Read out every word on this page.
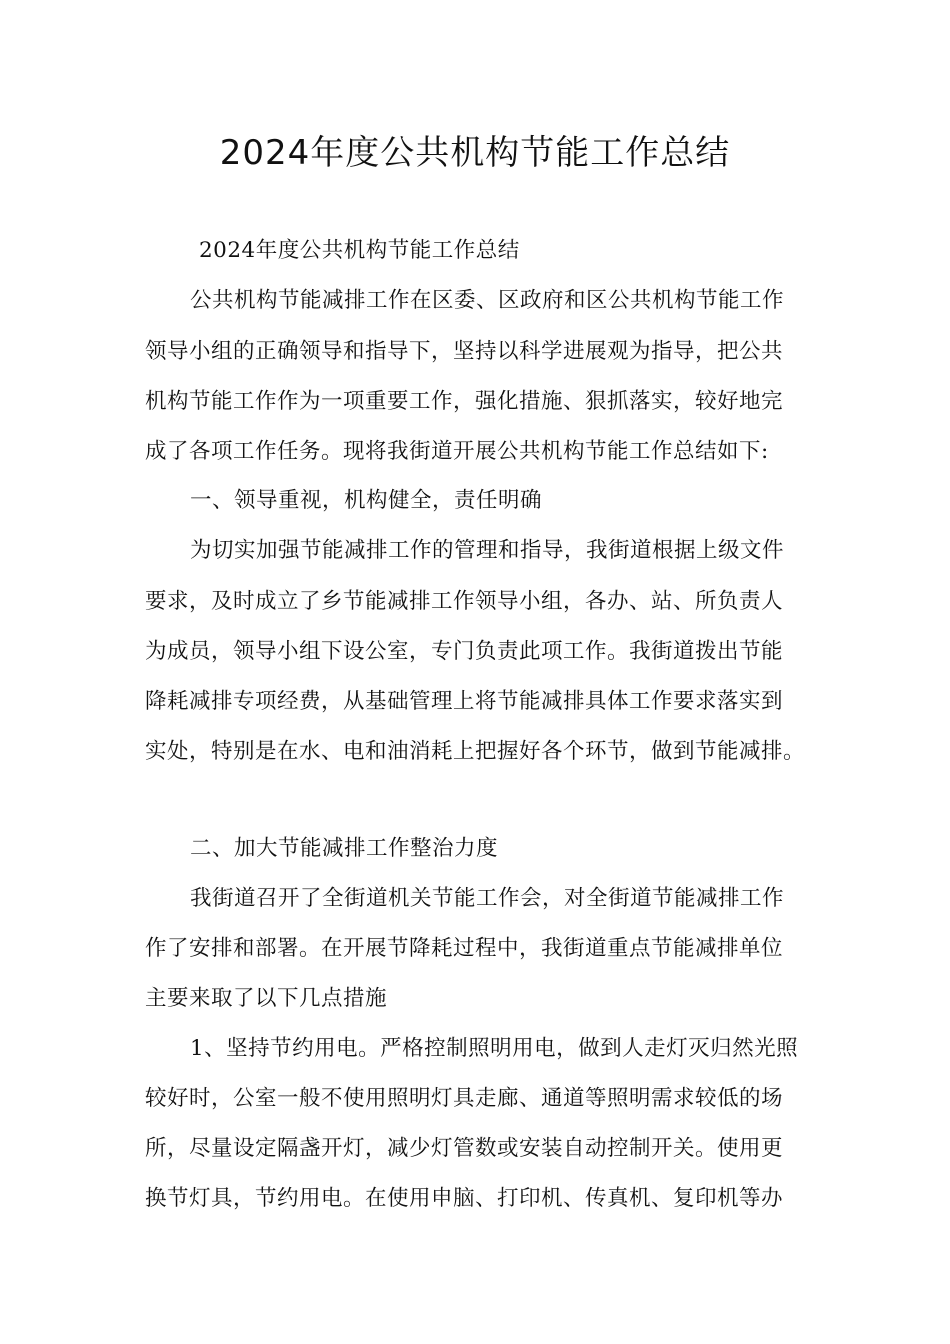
2024年度公共机构节能工作总结
2024年度公共机构节能工作总结
公共机构节能减排工作在区委、区政府和区公共机构节能工作
领导小组的正确领导和指导下，坚持以科学进展观为指导，把公共
机构节能工作作为一项重要工作，强化措施、狠抓落实，较好地完
成了各项工作任务。现将我街道开展公共机构节能工作总结如下:
一、领导重视，机构健全，责任明确
为切实加强节能减排工作的管理和指导，我街道根据上级文件
要求，及时成立了乡节能减排工作领导小组，各办、站、所负责人
为成员，领导小组下设公室，专门负责此项工作。我街道拨出节能
降耗减排专项经费，从基础管理上将节能减排具体工作要求落实到
实处，特别是在水、电和油消耗上把握好各个环节，做到节能减排。
二、加大节能减排工作整治力度
我街道召开了全街道机关节能工作会，对全街道节能减排工作
作了安排和部署。在开展节降耗过程中，我街道重点节能减排单位
主要来取了以下几点措施
1、坚持节约用电。严格控制照明用电，做到人走灯灭归然光照
较好时，公室一般不使用照明灯具走廊、通道等照明需求较低的场
所，尽量设定隔盏开灯，减少灯管数或安装自动控制开关。使用更
换节灯具，节约用电。在使用申脑、打印机、传真机、复印机等办
